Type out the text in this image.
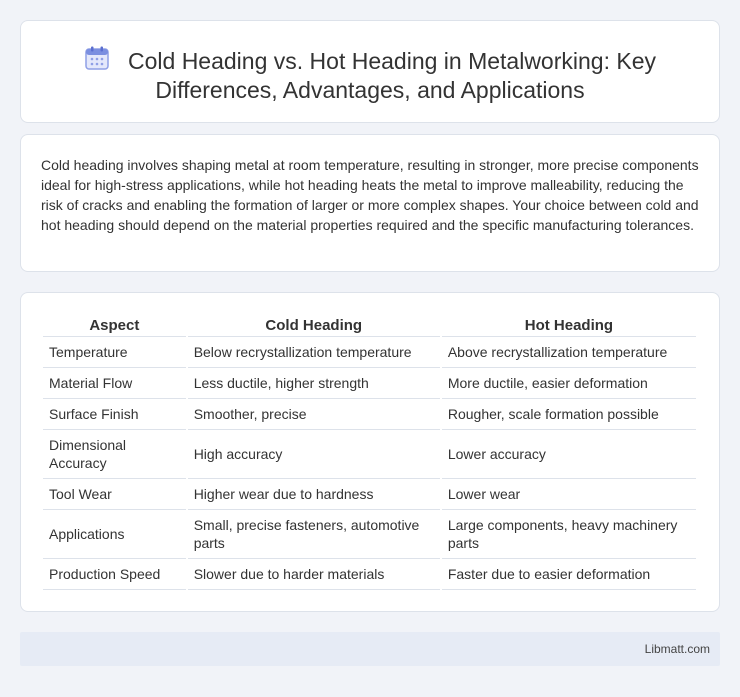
Cold Heading vs. Hot Heading in Metalworking: Key Differences, Advantages, and Applications

Cold heading involves shaping metal at room temperature, resulting in stronger, more precise components ideal for high-stress applications, while hot heading heats the metal to improve malleability, reducing the risk of cracks and enabling the formation of larger or more complex shapes. Your choice between cold and hot heading should depend on the material properties required and the specific manufacturing tolerances.

Aspect	Cold Heading	Hot Heading
Temperature	Below recrystallization temperature	Above recrystallization temperature
Material Flow	Less ductile, higher strength	More ductile, easier deformation
Surface Finish	Smoother, precise	Rougher, scale formation possible
Dimensional Accuracy	High accuracy	Lower accuracy
Tool Wear	Higher wear due to hardness	Lower wear
Applications	Small, precise fasteners, automotive parts	Large components, heavy machinery parts
Production Speed	Slower due to harder materials	Faster due to easier deformation
Libmatt.com
